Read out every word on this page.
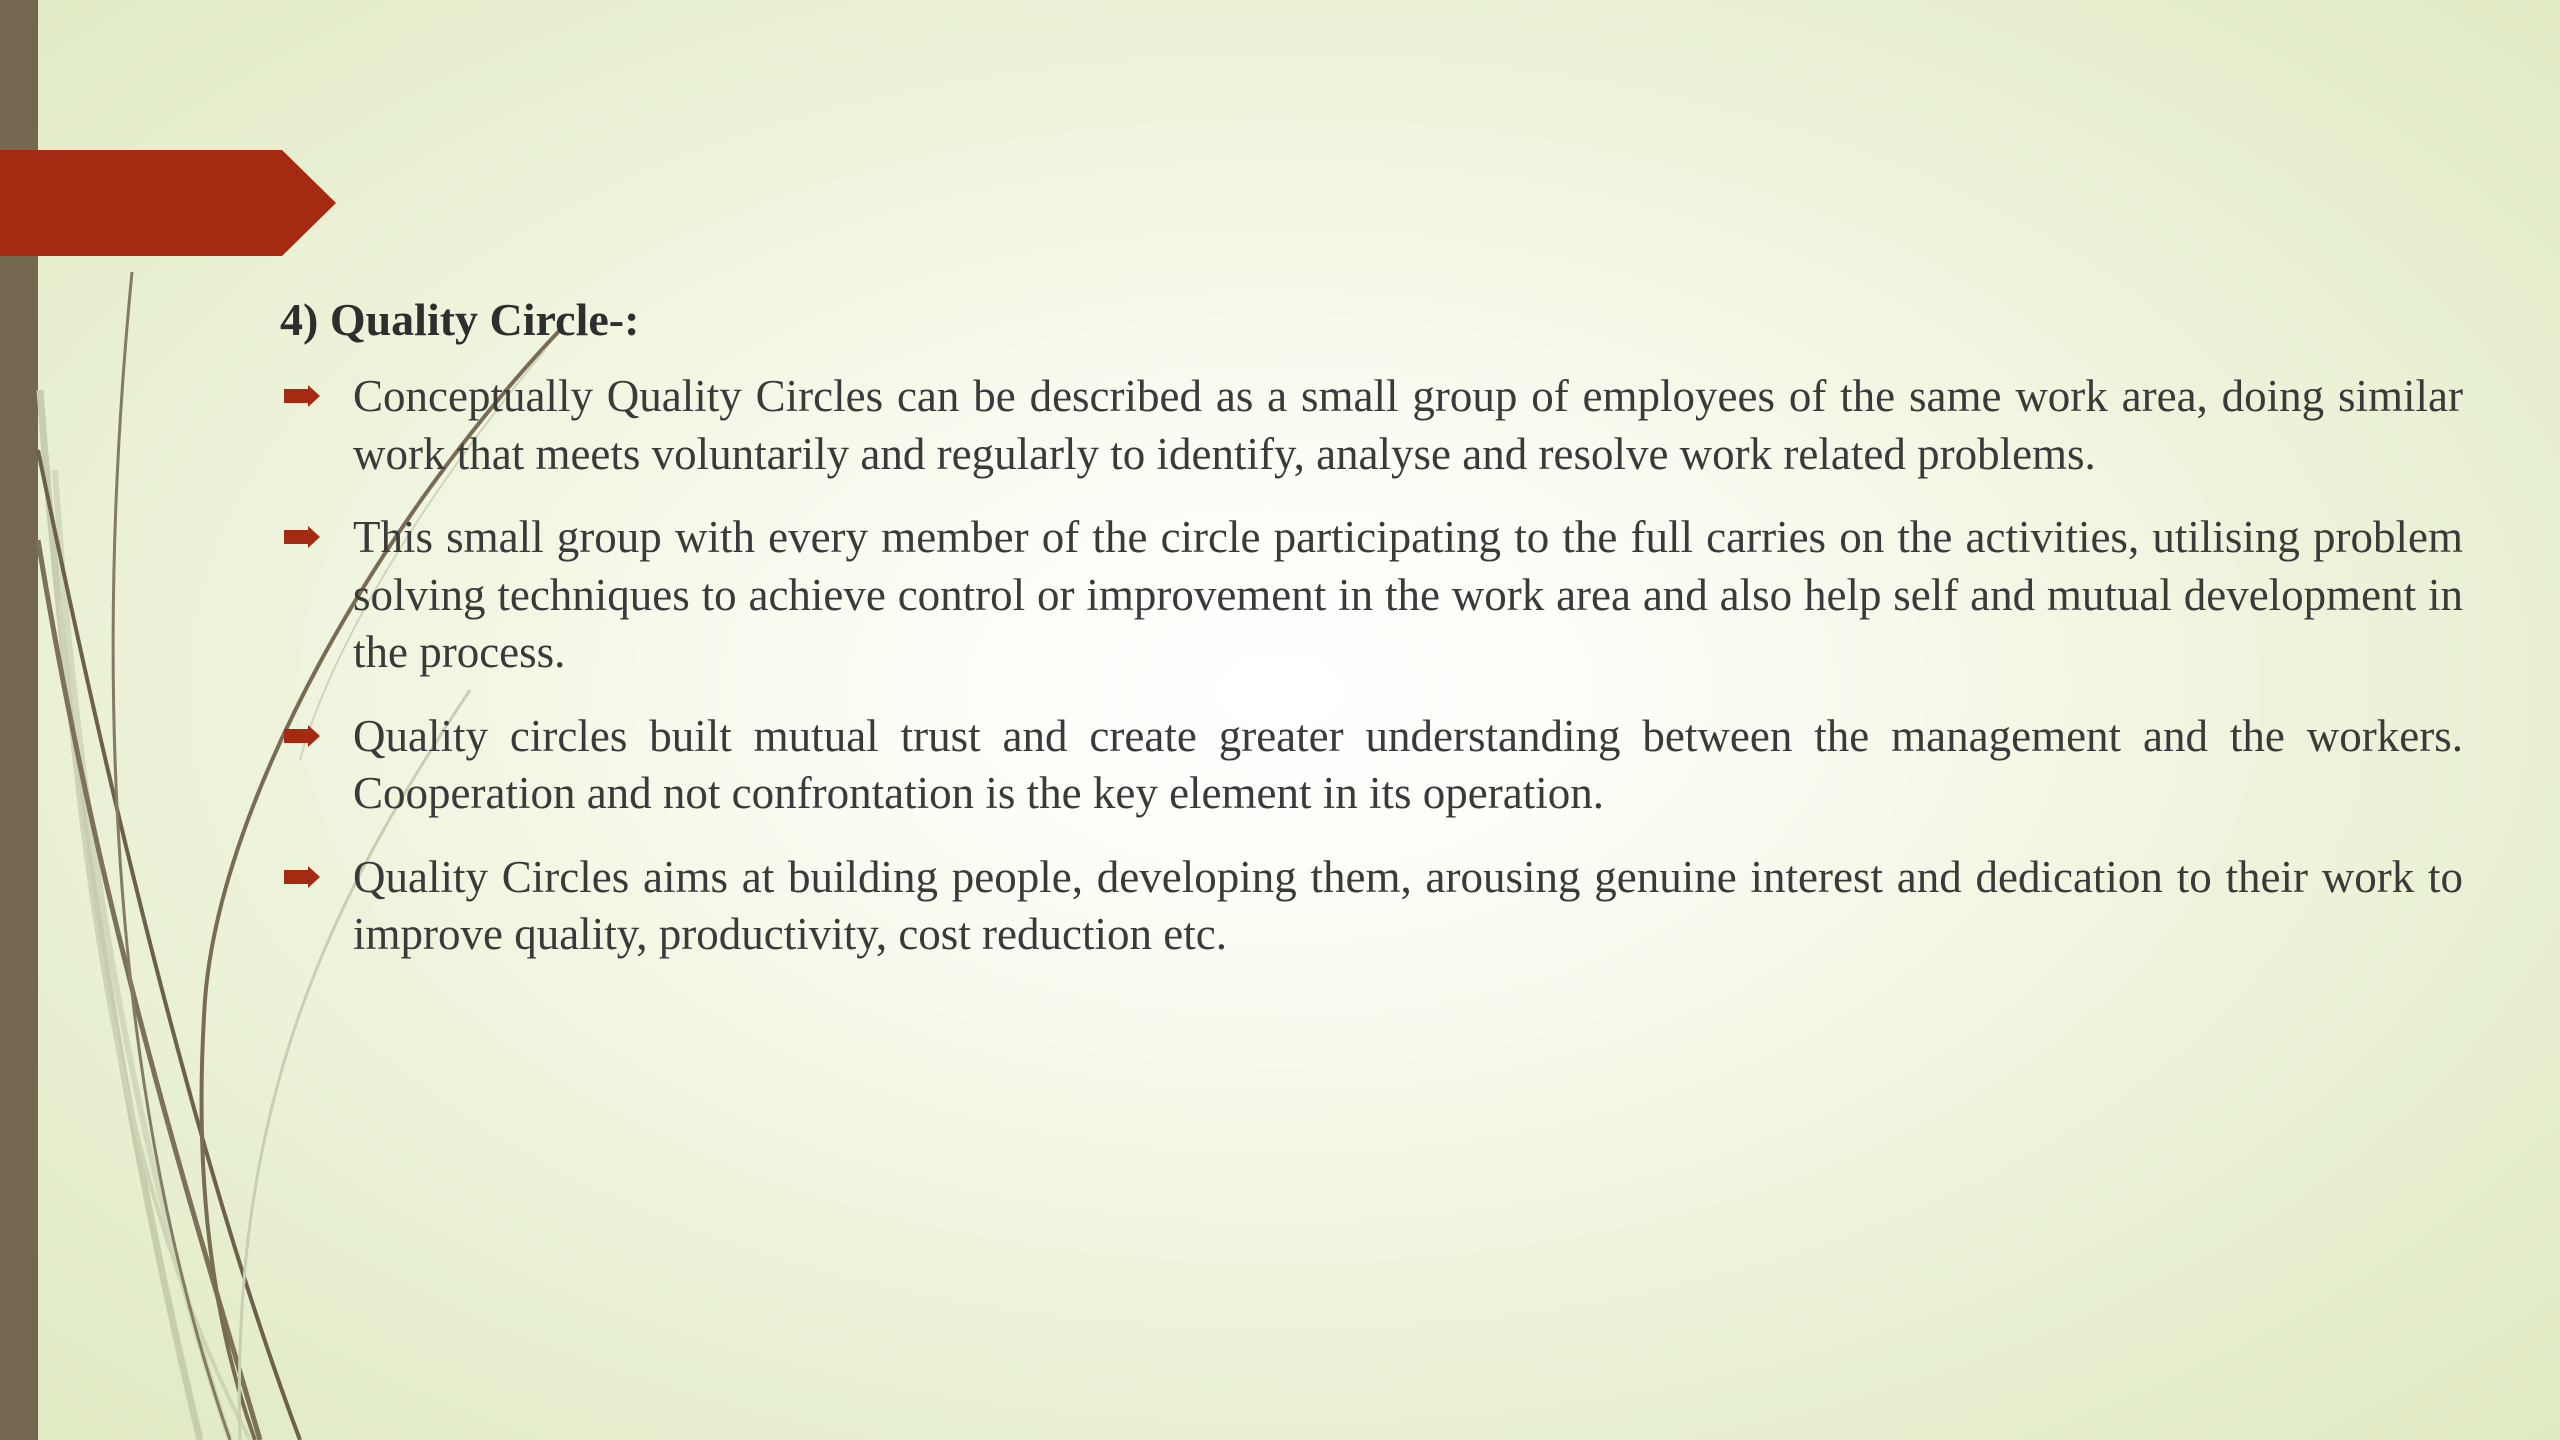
4) Quality Circle-:
Conceptually Quality Circles can be described as a small group of employees of the same work area, doing similar work that meets voluntarily and regularly to identify, analyse and resolve work related problems.
This small group with every member of the circle participating to the full carries on the activities, utilising problem solving techniques to achieve control or improvement in the work area and also help self and mutual development in the process.
Quality circles built mutual trust and create greater understanding between the management and the workers. Cooperation and not confrontation is the key element in its operation.
Quality Circles aims at building people, developing them, arousing genuine interest and dedication to their work to improve quality, productivity, cost reduction etc.
